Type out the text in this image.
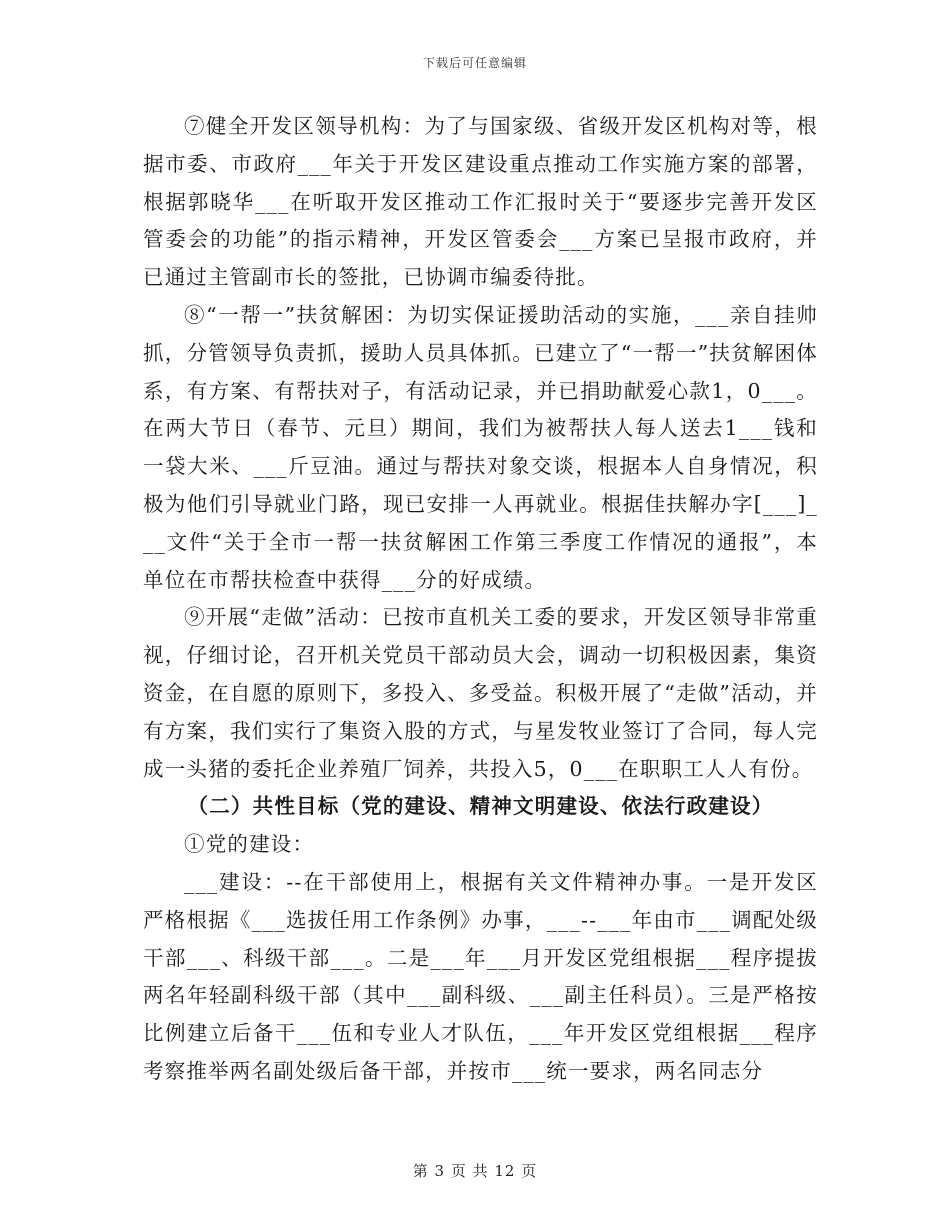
下载后可任意编辑

⑦健全开发区领导机构：为了与国家级、省级开发区机构对等，根据市委、市政府___年关于开发区建设重点推动工作实施方案的部署，根据郭晓华___在听取开发区推动工作汇报时关于“要逐步完善开发区管委会的功能”的指示精神，开发区管委会___方案已呈报市政府，并已通过主管副市长的签批，已协调市编委待批。

⑧“一帮一”扶贫解困：为切实保证援助活动的实施，___亲自挂帅抓，分管领导负责抓，援助人员具体抓。已建立了“一帮一”扶贫解困体系，有方案、有帮扶对子，有活动记录，并已捐助献爱心款1，0___。在两大节日（春节、元旦）期间，我们为被帮扶人每人送去1___钱和一袋大米、___斤豆油。通过与帮扶对象交谈，根据本人自身情况，积极为他们引导就业门路，现已安排一人再就业。根据佳扶解办字[___]___文件“关于全市一帮一扶贫解困工作第三季度工作情况的通报”，本单位在市帮扶检查中获得___分的好成绩。

⑨开展“走做”活动：已按市直机关工委的要求，开发区领导非常重视，仔细讨论，召开机关党员干部动员大会，调动一切积极因素，集资资金，在自愿的原则下，多投入、多受益。积极开展了“走做”活动，并有方案，我们实行了集资入股的方式，与星发牧业签订了合同，每人完成一头猪的委托企业养殖厂饲养，共投入5，0___在职职工人人有份。

（二）共性目标（党的建设、精神文明建设、依法行政建设）

①党的建设：

___建设：--在干部使用上，根据有关文件精神办事。一是开发区严格根据《___选拔任用工作条例》办事，___--___年由市___调配处级干部___、科级干部___。二是___年___月开发区党组根据___程序提拔两名年轻副科级干部（其中___副科级、___副主任科员）。三是严格按比例建立后备干___伍和专业人才队伍，___年开发区党组根据___程序考察推举两名副处级后备干部，并按市___统一要求，两名同志分

第 3 页 共 12 页
